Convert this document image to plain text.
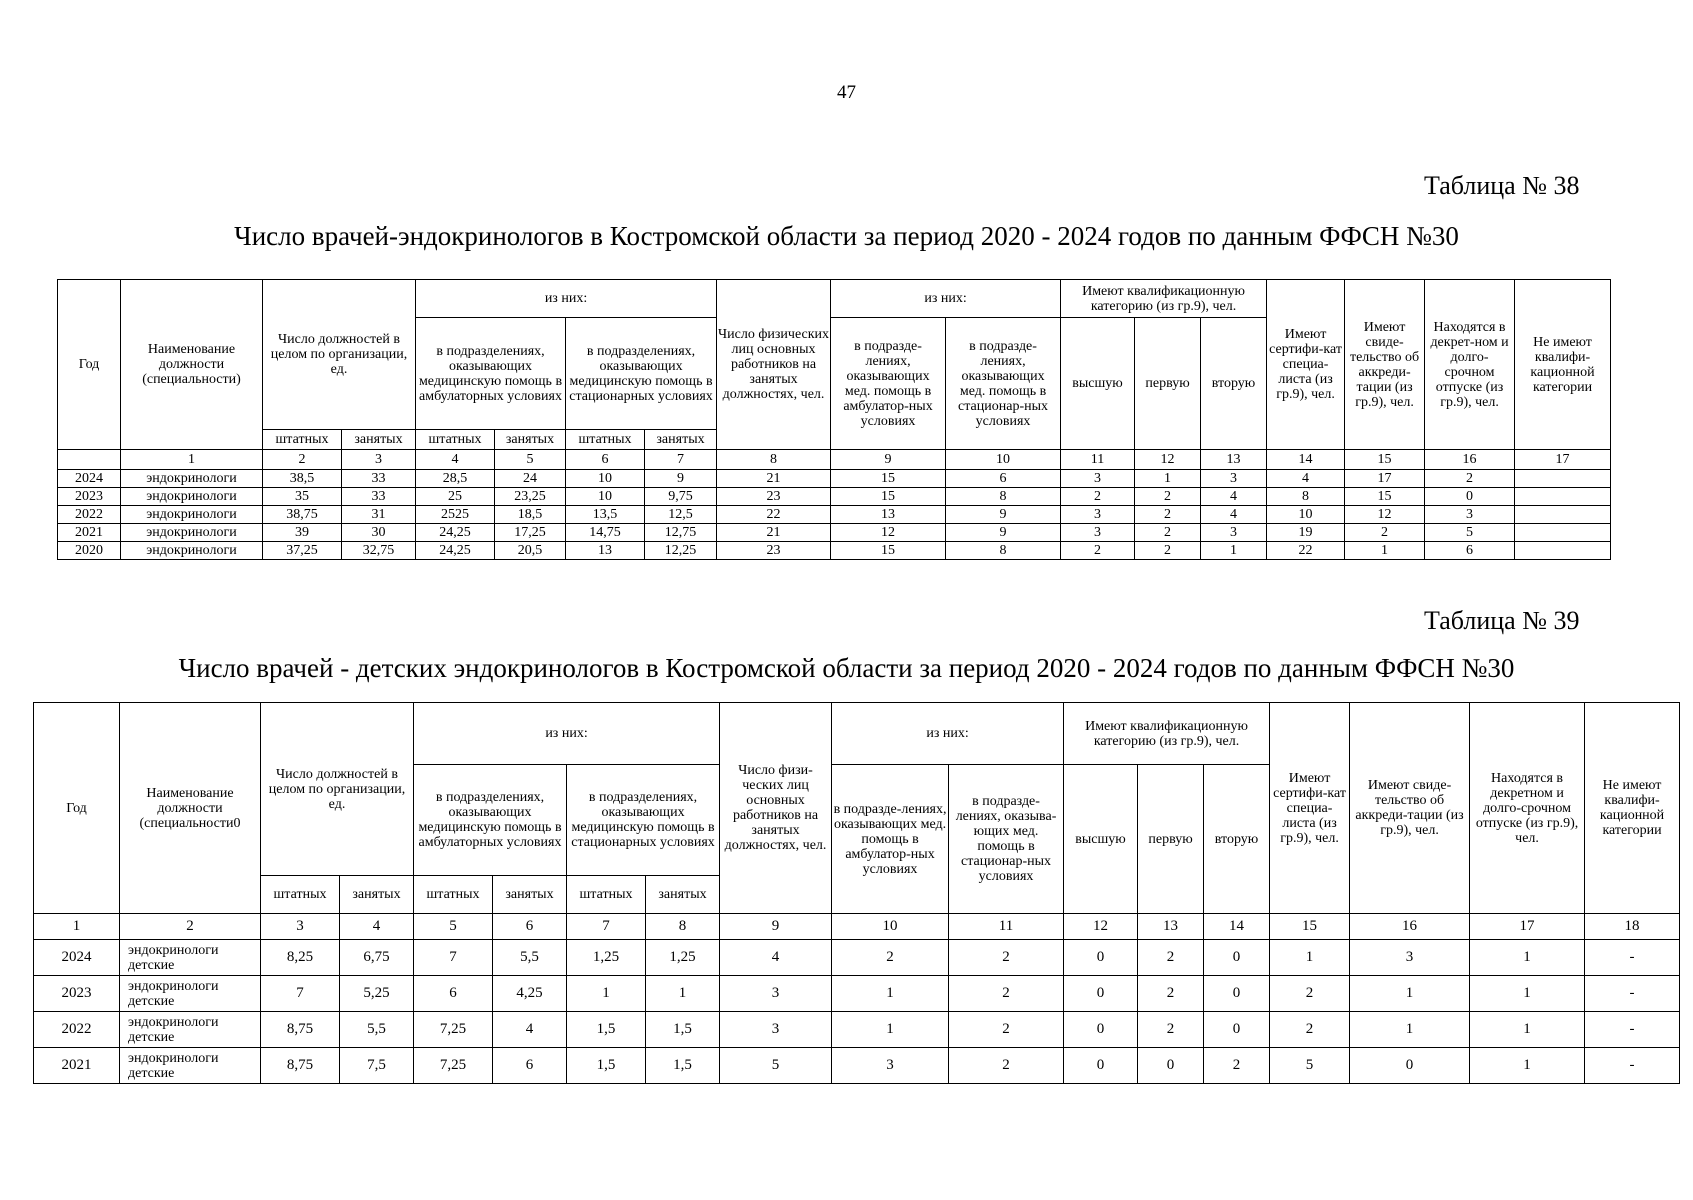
47
Таблица № 38
Число врачей-эндокринологов в Костромской области за период 2020 - 2024 годов по данным ФФСН №30
Год	Наименование должности (специальности)	Число должностей в целом по организации, ед.		из них:				Число физических лиц основных работников на занятых должностях, чел.	из них:		Имеют квалификационную категорию (из гр.9), чел.			Имеют сертифи-кат специа-листа (из гр.9), чел.	Имеют свиде-тельство об аккреди-тации (из гр.9), чел.	Находятся в декрет-ном и долго-срочном отпуске (из гр.9), чел.	Не имеют квалифи-кационной категории
				в подразделениях, оказывающих медицинскую помощь в амбулаторных условиях		в подразделениях, оказывающих медицинскую помощь в стационарных условиях			в подразде-лениях, оказывающих мед. помощь в амбулатор-ных условиях	в подразде-лениях, оказывающих мед. помощь в стационар-ных условиях	высшую	первую	вторую				
		штатных	занятых	штатных	занятых	штатных	занятых										
	1	2	3	4	5	6	7	8	9	10	11	12	13	14	15	16	17
2024	эндокринологи	38,5	33	28,5	24	10	9	21	15	6	3	1	3	4	17	2	
2023	эндокринологи	35	33	25	23,25	10	9,75	23	15	8	2	2	4	8	15	0	
2022	эндокринологи	38,75	31	2525	18,5	13,5	12,5	22	13	9	3	2	4	10	12	3	
2021	эндокринологи	39	30	24,25	17,25	14,75	12,75	21	12	9	3	2	3	19	2	5	
2020	эндокринологи	37,25	32,75	24,25	20,5	13	12,25	23	15	8	2	2	1	22	1	6	
Таблица № 39
Число врачей - детских эндокринологов в Костромской области за период 2020 - 2024 годов по данным ФФСН №30
Год	Наименование должности (специальности0	Число должностей в целом по организации, ед.		из них:				Число физи-ческих лиц основных работников на занятых должностях, чел.	из них:		Имеют квалификационную категорию (из гр.9), чел.			Имеют сертифи-кат специа-листа (из гр.9), чел.	Имеют свиде-тельство об аккреди-тации (из гр.9), чел.	Находятся в декретном и долго-срочном отпуске (из гр.9), чел.	Не имеют квалифи-кационной категории
				в подразделениях, оказывающих медицинскую помощь в амбулаторных условиях		в подразделениях, оказывающих медицинскую помощь в стационарных условиях			в подразде-лениях, оказывающих мед. помощь в амбулатор-ных условиях	в подразде-лениях, оказыва-ющих мед. помощь в стационар-ных условиях	высшую	первую	вторую				
		штатных	занятых	штатных	занятых	штатных	занятых										
1	2	3	4	5	6	7	8	9	10	11	12	13	14	15	16	17	18
2024	эндокринологи детские	8,25	6,75	7	5,5	1,25	1,25	4	2	2	0	2	0	1	3	1	-
2023	эндокринологи детские	7	5,25	6	4,25	1	1	3	1	2	0	2	0	2	1	1	-
2022	эндокринологи детские	8,75	5,5	7,25	4	1,5	1,5	3	1	2	0	2	0	2	1	1	-
2021	эндокринологи детские	8,75	7,5	7,25	6	1,5	1,5	5	3	2	0	0	2	5	0	1	-
